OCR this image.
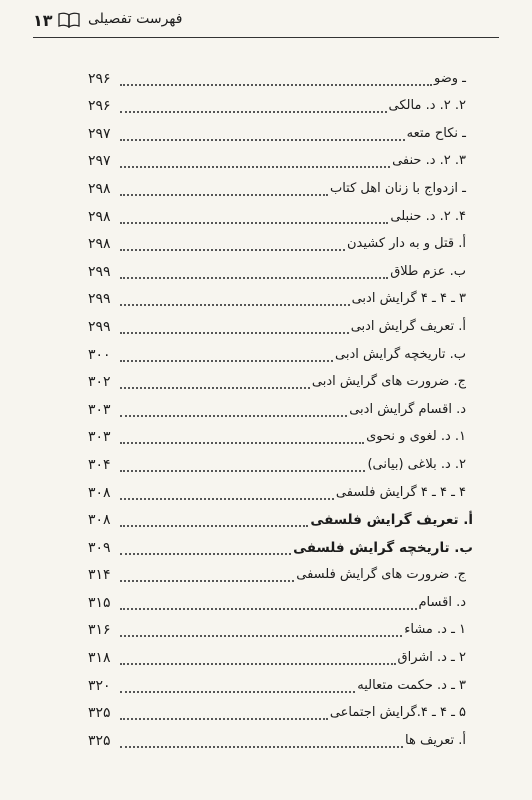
۱۳	فهرست تفصیلی
۲۹۶	ـ وضو
۲۹۶	۲. ۲. د. مالکی
۲۹۷	ـ نکاح متعه
۲۹۷	۳. ۲. د. حنفی
۲۹۸	ـ ازدواج با زنان اهل کتاب
۲۹۸	۴. ۲. د. حنبلی
۲۹۸	أ. قتل و به دار کشیدن
۲۹۹	ب. عزم طلاق
۲۹۹	۳ ـ ۴ ـ ۴ گرایش ادبی
۲۹۹	أ. تعریف گرایش ادبی
۳۰۰	ب. تاریخچه گرایش ادبی
۳۰۲	ج. ضرورت های گرایش ادبی
۳۰۳	د. اقسام گرایش ادبی
۳۰۳	۱. د. لغوی و نحوی
۳۰۴	۲. د. بلاغی (بیانی)
۳۰۸	۴ ـ ۴ ـ ۴ گرایش فلسفی
۳۰۸	أ. تعریف گرایش فلسفی
۳۰۹	ب. تاریخچه گرایش فلسفی
۳۱۴	ج. ضرورت های گرایش فلسفی
۳۱۵	د. اقسام
۳۱۶	۱ ـ د. مشاء
۳۱۸	۲ ـ د. اشراق
۳۲۰	۳ ـ د. حکمت متعالیه
۳۲۵	۵ ـ ۴ ـ ۴.گرایش اجتماعی
۳۲۵	أ. تعریف ها
